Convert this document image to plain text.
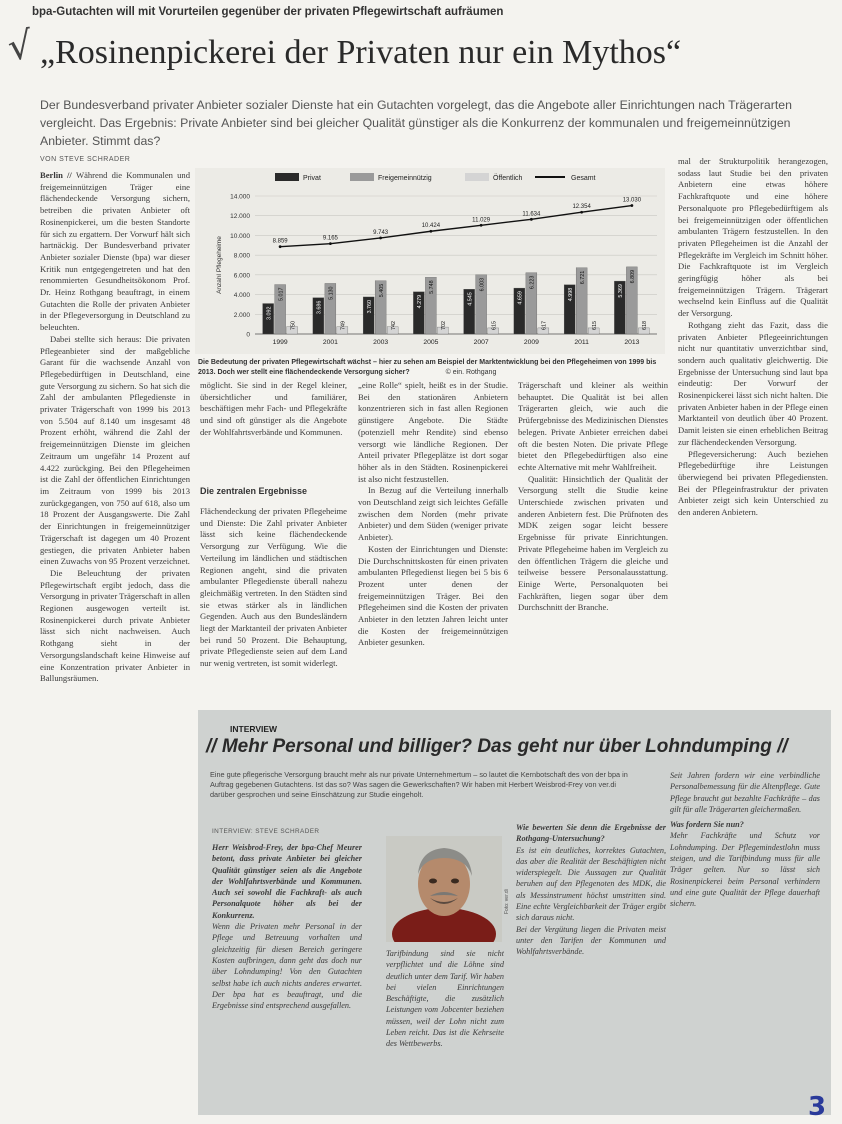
bpa-Gutachten will mit Vorurteilen gegenüber der privaten Pflegewirtschaft aufräumen
√ „Rosinenpickerei der Privaten nur ein Mythos“
Der Bundesverband privater Anbieter sozialer Dienste hat ein Gutachten vorgelegt, das die Angebote aller Einrichtungen nach Trägerarten vergleicht. Das Ergebnis: Private Anbieter sind bei gleicher Qualität günstiger als die Konkurrenz der kommunalen und freigemeinnützigen Anbieter. Stimmt das?
VON STEVE SCHRADER

Berlin // Während die Kommunalen und freigemeinnützigen Träger eine flächendeckende Versorgung sichern, betreiben die privaten Anbieter oft Rosinenpickerei, um die besten Standorte für sich zu ergattern. Der Vorwurf hält sich hartnäckig. Der Bundesverband privater Anbieter sozialer Dienste (bpa) war dieser Kritik nun entgegengetreten und hat den renommierten Gesundheitsökonom Prof. Dr. Heinz Rothgang beauftragt, in einem Gutachten die Rolle der privaten Anbieter in der Pflegeversorgung in Deutschland zu beleuchten.

Dabei stellte sich heraus: Die privaten Pflegeanbieter sind der maßgebliche Garant für die wachsende Anzahl von Pflegebedürftigen in Deutschland, eine gute Versorgung zu sichern. So hat sich die Zahl der ambulanten Pflegedienste in privater Trägerschaft von 1999 bis 2013 von 5.504 auf 8.140 um insgesamt 48 Prozent erhöht, während die Zahl der freigemeinnützigen Dienste im gleichen Zeitraum um ungefähr 14 Prozent auf 4.422 zurückging. Bei den Pflegeheimen ist die Zahl der öffentlichen Einrichtungen im Zeitraum von 1999 bis 2013 zurückgegangen, von 750 auf 618, also um 18 Prozent der Ausgangswerte. Die Zahl der Einrichtungen in freigemeinnütziger Trägerschaft ist dagegen um 40 Prozent gestiegen, die privaten Anbieter haben einen Zuwachs von 95 Prozent verzeichnet.

Die Beleuchtung der privaten Pflegewirtschaft ergibt jedoch, dass die Versorgung in privater Trägerschaft in allen Regionen ausgewogen verteilt ist. Rosinenpickerei durch private Anbieter lässt sich nicht nachweisen. Auch Rothgang sieht in der Versorgungslandschaft keine Hinweise auf eine Konzentration privater Anbieter in Ballungsräumen.

Privat	Freigemeinnützig	Öffentlich	Gesamt
0
2.000
4.000
6.000
8.000
10.000
12.000
14.000
Anzahl Pflegeheime
3.092
5.017
750
1999
3.686
5.130
749
2001
3.760
5.405
742
2003
4.279
5.748
702
2005
4.545
6.003
615
2007
4.659
6.223
617
2009
4.998
6.721
615
2011
5.369
6.809
618
2013
8.859
9.165
9.743
10.424
11.029
11.634
12.354
13.030
Die Bedeutung der privaten Pflegewirtschaft wächst – hier zu sehen am Beispiel der Marktentwicklung bei den Pflegeheimen von 1999 bis 2013. Doch wer stellt eine flächendeckende Versorgung sicher?	© ein. Rothgang

möglicht. Sie sind in der Regel kleiner, übersichtlicher und familiärer, beschäftigen mehr Fach- und Pflegekräfte und sind oft günstiger als die Angebote der Wohlfahrtsverbände und Kommunen.

Die zentralen Ergebnisse

Flächendeckung der privaten Pflegeheime und Dienste: Die Zahl privater Anbieter lässt sich keine flächendeckende Versorgung zur Verfügung. Wie die Verteilung im ländlichen und städtischen Regionen angeht, sind die privaten ambulanter Pflegedienste überall nahezu gleichmäßig vertreten. In den Städten sind sie etwas stärker als in ländlichen Gegenden. Auch aus den Bundesländern liegt der Marktanteil der privaten Anbieter bei rund 50 Prozent. Die Behauptung, private Pflegedienste seien auf dem Land nur wenig vertreten, ist somit widerlegt.

„eine Rolle“ spielt, heißt es in der Studie. Bei den stationären Anbietern konzentrieren sich in fast allen Regionen günstigere Angebote. Die Städte (potenziell mehr Rendite) sind ebenso versorgt wie ländliche Regionen. Der Anteil privater Pflegeplätze ist dort sogar höher als in den Städten. Rosinenpickerei ist also nicht festzustellen.

In Bezug auf die Verteilung innerhalb von Deutschland zeigt sich leichtes Gefälle zwischen dem Norden (mehr private Anbieter) und dem Süden (weniger private Anbieter).

Kosten der Einrichtungen und Dienste: Die Durchschnittskosten für einen privaten ambulanten Pflegedienst liegen bei 5 bis 6 Prozent unter denen der freigemeinnützigen Träger. Bei den Pflegeheimen sind die Kosten der privaten Anbieter in den letzten Jahren leicht unter die Kosten der freigemeinnützigen Anbieter gesunken.

Trägerschaft und kleiner als weithin behauptet. Die Qualität ist bei allen Trägerarten gleich, wie auch die Prüfergebnisse des Medizinischen Dienstes belegen. Private Anbieter erreichen dabei oft die besten Noten. Die private Pflege bietet den Pflegebedürftigen also eine echte Alternative mit mehr Wahlfreiheit.

Qualität: Hinsichtlich der Qualität der Versorgung stellt die Studie keine Unterschiede zwischen privaten und anderen Anbietern fest. Die Prüfnoten des MDK zeigen sogar leicht bessere Ergebnisse für private Einrichtungen. Private Pflegeheime haben im Vergleich zu den öffentlichen Trägern die gleiche und teilweise bessere Personalausstattung. Einige Werte, Personalquoten bei Fachkräften, liegen sogar über dem Durchschnitt der Branche.

mal der Strukturpolitik herangezogen, sodass laut Studie bei den privaten Anbietern eine etwas höhere Fachkraftquote und eine höhere Personalquote pro Pflegebedürftigem als bei freigemeinnützigen oder öffentlichen ambulanten Trägern festzustellen. In den privaten Pflegeheimen ist die Anzahl der Pflegekräfte im Vergleich im Schnitt höher. Die Fachkraftquote ist im Vergleich geringfügig höher als bei freigemeinnützigen Trägern. Trägerart wechselnd kein Einfluss auf die Qualität der Versorgung.

Rothgang zieht das Fazit, dass die privaten Anbieter Pflegeeinrichtungen nicht nur quantitativ unverzichtbar sind, sondern auch qualitativ gleichwertig. Die Ergebnisse der Untersuchung sind laut bpa eindeutig: Der Vorwurf der Rosinenpickerei lässt sich nicht halten. Die privaten Anbieter haben in der Pflege einen Marktanteil von deutlich über 40 Prozent. Damit leisten sie einen erheblichen Beitrag zur flächendeckenden Versorgung.

Pflegeversicherung: Auch beziehen Pflegebedürftige ihre Leistungen überwiegend bei privaten Pflegediensten. Bei der Pflegeinfrastruktur der privaten Anbieter zeigt sich kein Unterschied zu den anderen Anbietern.

INTERVIEW
// Mehr Personal und billiger? Das geht nur über Lohndumping //
Eine gute pflegerische Versorgung braucht mehr als nur private Unternehmertum – so lautet die Kernbotschaft des von der bpa in Auftrag gegebenen Gutachtens. Ist das so? Was sagen die Gewerkschaften? Wir haben mit Herbert Weisbrod-Frey von ver.di darüber gesprochen und seine Einschätzung zur Studie eingeholt.
INTERVIEW: STEVE SCHRADER

Herr Weisbrod-Frey, der bpa-Chef Meurer betont, dass private Anbieter bei gleicher Qualität günstiger seien als die Angebote der Wohlfahrtsverbände und Kommunen. Auch sei sowohl die Fachkraft- als auch Personalquote höher als bei der Konkurrenz.

Wenn die Privaten mehr Personal in der Pflege und Betreuung vorhalten und gleichzeitig für diesen Bereich geringere Kosten aufbringen, dann geht das doch nur über Lohndumping! Von den Gutachten selbst habe ich auch nichts anderes erwartet. Der bpa hat es beauftragt, und die Ergebnisse sind entsprechend ausgefallen.

Foto: ver.di

Tarifbindung sind sie nicht verpflichtet und die Löhne sind deutlich unter dem Tarif. Wir haben bei vielen Einrichtungen Beschäftigte, die zusätzlich Leistungen vom Jobcenter beziehen müssen, weil der Lohn nicht zum Leben reicht. Das ist die Kehrseite des Wettbewerbs.

Wie bewerten Sie denn die Ergebnisse der Rothgang-Untersuchung?

Es ist ein deutliches, korrektes Gutachten, das aber die Realität der Beschäftigten nicht widerspiegelt. Die Aussagen zur Qualität beruhen auf den Pflegenoten des MDK, die als Messinstrument höchst umstritten sind. Eine echte Vergleichbarkeit der Träger ergibt sich daraus nicht.

Bei der Vergütung liegen die Privaten meist unter den Tarifen der Kommunen und Wohlfahrtsverbände.

Seit Jahren fordern wir eine verbindliche Personalbemessung für die Altenpflege. Gute Pflege braucht gut bezahlte Fachkräfte – das gilt für alle Trägerarten gleichermaßen.

Was fordern Sie nun?

Mehr Fachkräfte und Schutz vor Lohndumping. Der Pflegemindestlohn muss steigen, und die Tarifbindung muss für alle Träger gelten. Nur so lässt sich Rosinenpickerei beim Personal verhindern und eine gute Qualität der Pflege dauerhaft sichern.

3
